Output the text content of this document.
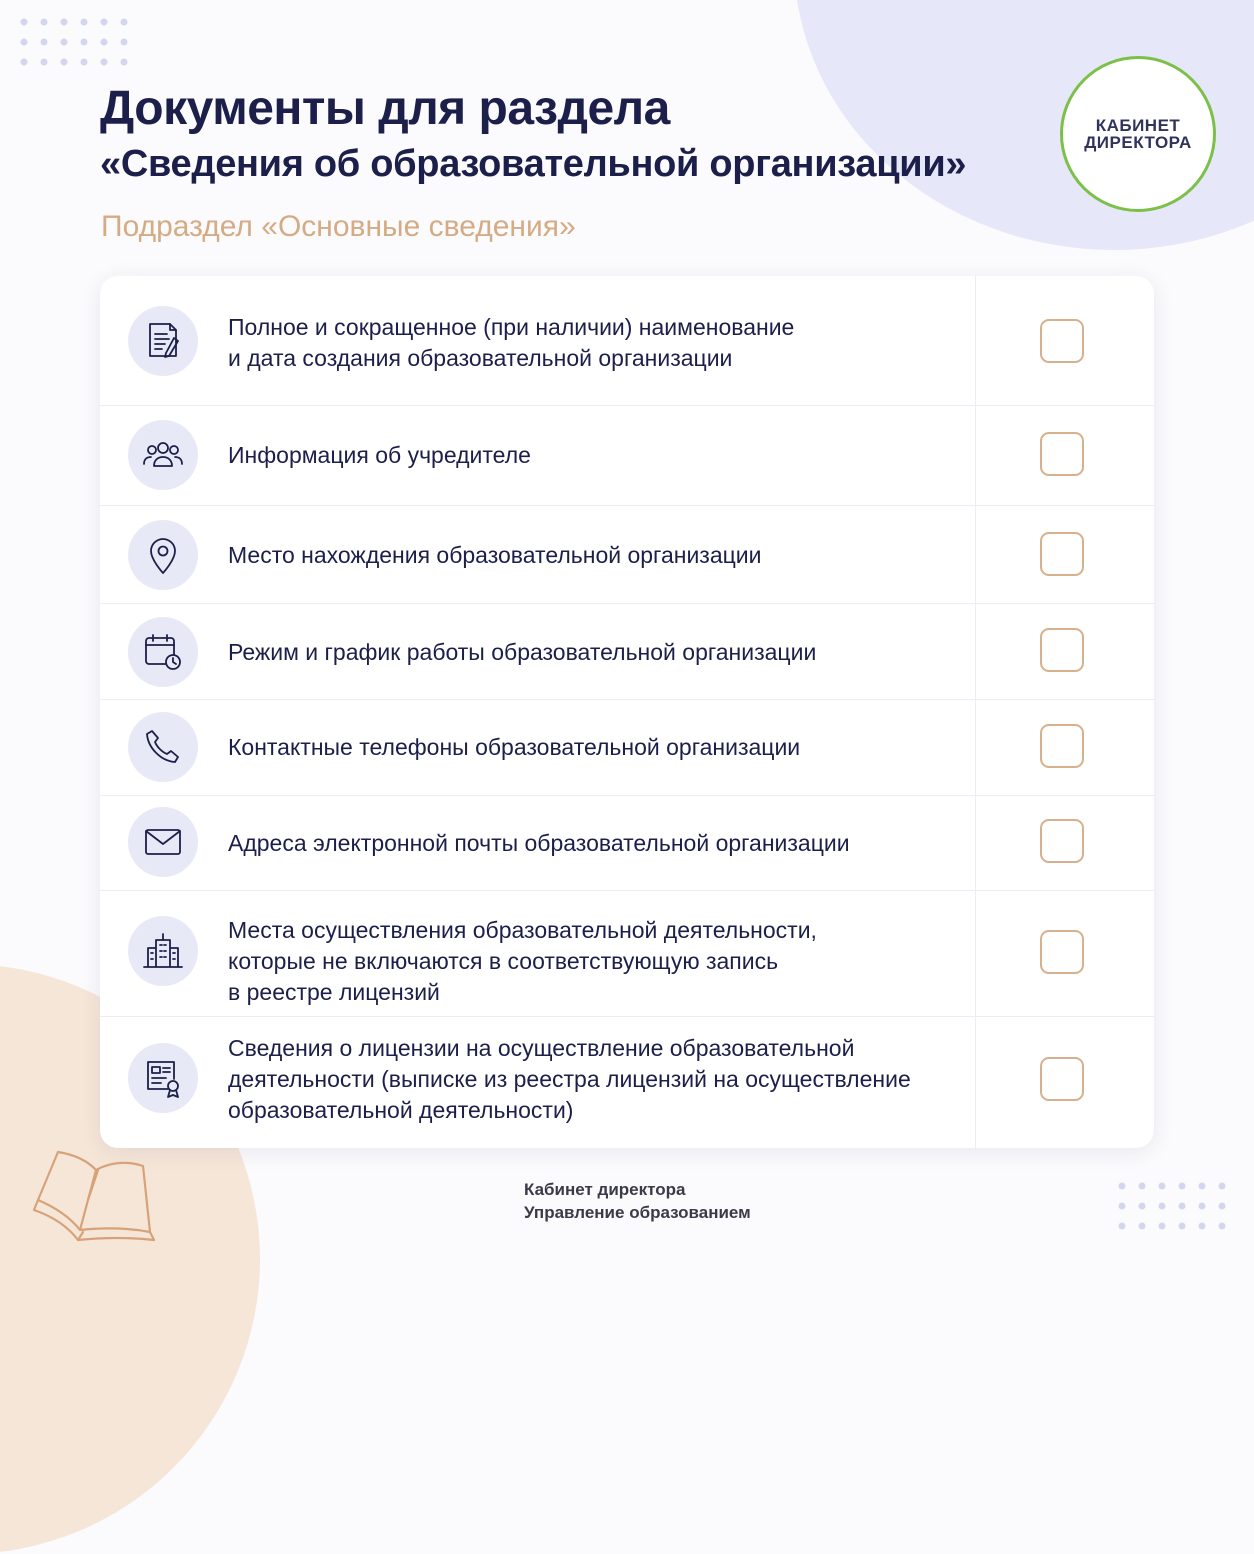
КАБИНЕТ
ДИРЕКТОРА
Документы для раздела
«Сведения об образовательной организации»

Подраздел «Основные сведения»

Полное и сокращенное (при наличии) наименование
и дата создания образовательной организации
Информация об учредителе
Место нахождения образовательной организации
Режим и график работы образовательной организации
Контактные телефоны образовательной организации
Адреса электронной почты образовательной организации
Места осуществления образовательной деятельности,
которые не включаются в соответствующую запись
в реестре лицензий
Сведения о лицензии на осуществление образовательной
деятельности (выписке из реестра лицензий на осуществление
образовательной деятельности)
Кабинет директора
Управление образованием
